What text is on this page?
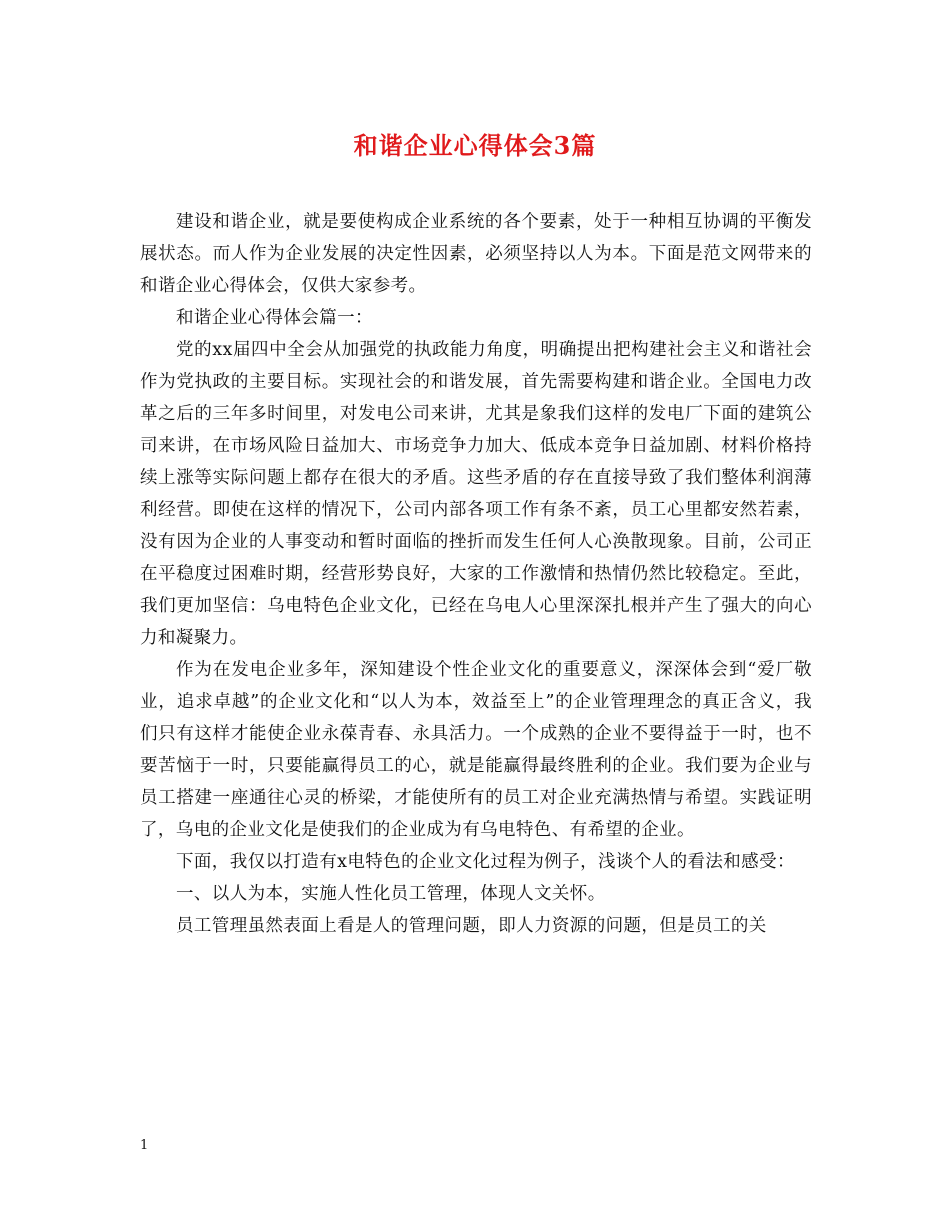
和谐企业心得体会3篇

建设和谐企业，就是要使构成企业系统的各个要素，处于一种相互协调的平衡发展状态。而人作为企业发展的决定性因素，必须坚持以人为本。下面是范文网带来的和谐企业心得体会，仅供大家参考。

和谐企业心得体会篇一：

党的xx届四中全会从加强党的执政能力角度，明确提出把构建社会主义和谐社会作为党执政的主要目标。实现社会的和谐发展，首先需要构建和谐企业。全国电力改革之后的三年多时间里，对发电公司来讲，尤其是象我们这样的发电厂下面的建筑公司来讲，在市场风险日益加大、市场竞争力加大、低成本竞争日益加剧、材料价格持续上涨等实际问题上都存在很大的矛盾。这些矛盾的存在直接导致了我们整体利润薄利经营。即使在这样的情况下，公司内部各项工作有条不紊，员工心里都安然若素，没有因为企业的人事变动和暂时面临的挫折而发生任何人心涣散现象。目前，公司正在平稳度过困难时期，经营形势良好，大家的工作激情和热情仍然比较稳定。至此，我们更加坚信：乌电特色企业文化，已经在乌电人心里深深扎根并产生了强大的向心力和凝聚力。

作为在发电企业多年，深知建设个性企业文化的重要意义，深深体会到“爱厂敬业，追求卓越”的企业文化和“以人为本，效益至上”的企业管理理念的真正含义，我们只有这样才能使企业永葆青春、永具活力。一个成熟的企业不要得益于一时，也不要苦恼于一时，只要能赢得员工的心，就是能赢得最终胜利的企业。我们要为企业与员工搭建一座通往心灵的桥梁，才能使所有的员工对企业充满热情与希望。实践证明了，乌电的企业文化是使我们的企业成为有乌电特色、有希望的企业。

下面，我仅以打造有x电特色的企业文化过程为例子，浅谈个人的看法和感受：

一、以人为本，实施人性化员工管理，体现人文关怀。

员工管理虽然表面上看是人的管理问题，即人力资源的问题，但是员工的关

1
